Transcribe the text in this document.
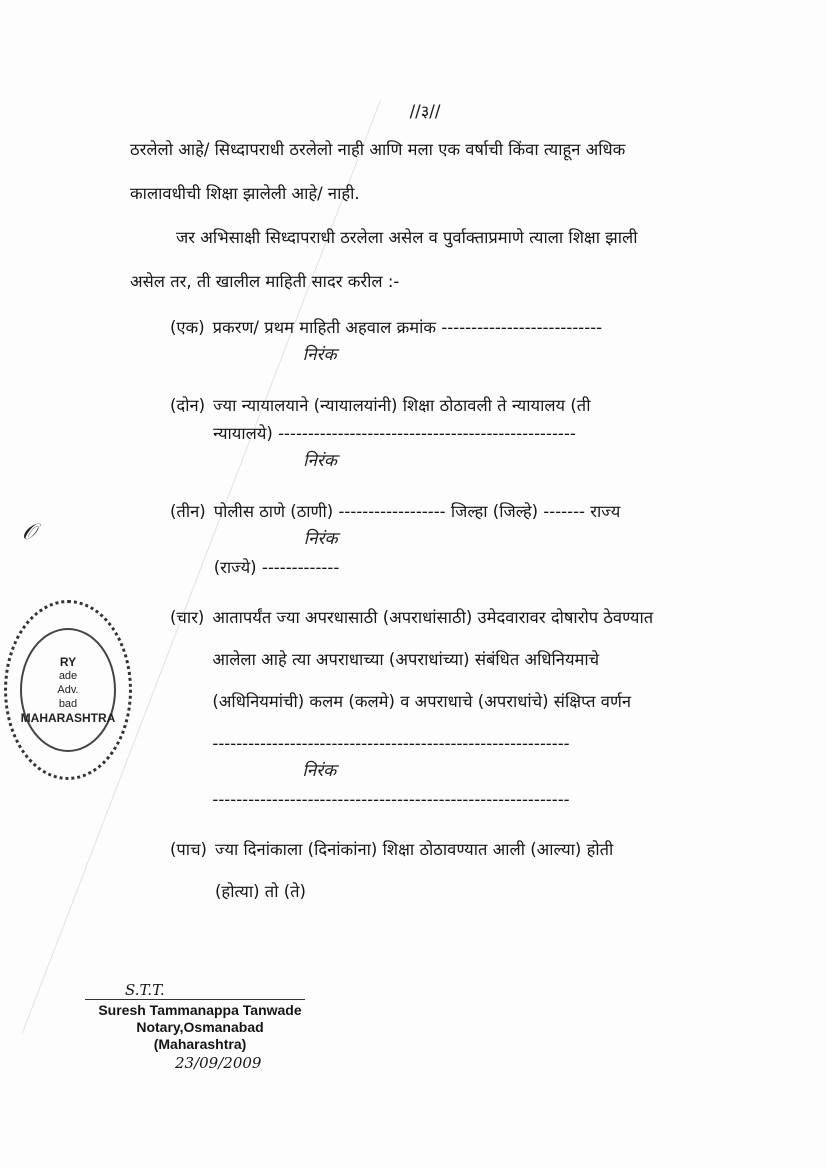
𝒪
RY
ade
Adv.
bad
MAHARASHTRA
//३//
ठरलेलो आहे/ सिध्दापराधी ठरलेलो नाही आणि मला एक वर्षाची किंवा त्याहून अधिक
कालावधीची शिक्षा झालेली आहे/ नाही.
जर अभिसाक्षी सिध्दापराधी ठरलेला असेल व पुर्वाक्ताप्रमाणे त्याला शिक्षा झाली
असेल तर, ती खालील माहिती सादर करील :-
(एक) प्रकरण/ प्रथम माहिती अहवाल क्रमांक ---------------------------
निरंक
(दोन) ज्या न्यायालयाने (न्यायालयांनी) शिक्षा ठोठावली ते न्यायालय (ती
न्यायालये) --------------------------------------------------
निरंक
(तीन) पोलीस ठाणे (ठाणी) ------------------ जिल्हा (जिल्हे) ------- राज्य
निरंक
(राज्ये) -------------
(चार) आतापर्यंत ज्या अपरधासाठी (अपराधांसाठी) उमेदवारावर दोषारोप ठेवण्यात
आलेला आहे त्या अपराधाच्या (अपराधांच्या) संबंधित अधिनियमाचे
(अधिनियमांची) कलम (कलमे) व अपराधाचे (अपराधांचे) संक्षिप्त वर्णन
------------------------------------------------------------
निरंक
------------------------------------------------------------
(पाच) ज्या दिनांकाला (दिनांकांना) शिक्षा ठोठावण्यात आली (आल्या) होती
(होत्या) तो (ते)
S.T.T.
Suresh Tammanappa Tanwade
Notary,Osmanabad
(Maharashtra)
23/09/2009
